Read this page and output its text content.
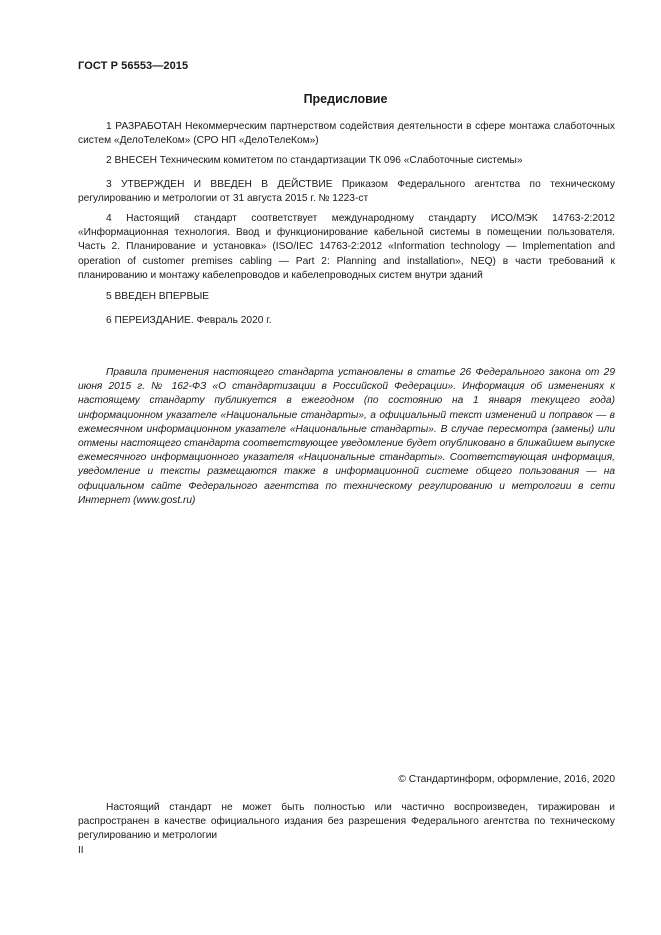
ГОСТ Р 56553—2015
Предисловие

1 РАЗРАБОТАН Некоммерческим партнерством содействия деятельности в сфере монтажа слаботочных систем «ДелоТелеКом» (СРО НП «ДелоТелеКом»)

2 ВНЕСЕН Техническим комитетом по стандартизации ТК 096 «Слаботочные системы»

3 УТВЕРЖДЕН И ВВЕДЕН В ДЕЙСТВИЕ Приказом Федерального агентства по техническому регулированию и метрологии от 31 августа 2015 г. № 1223-ст

4 Настоящий стандарт соответствует международному стандарту ИСО/МЭК 14763-2:2012 «Информационная технология. Ввод и функционирование кабельной системы в помещении пользователя. Часть 2. Планирование и установка» (ISO/IEC 14763-2:2012 «Information technology — Implementation and operation of customer premises cabling — Part 2: Planning and installation», NEQ) в части требований к планированию и монтажу кабелепроводов и кабелепроводных систем внутри зданий

5 ВВЕДЕН ВПЕРВЫЕ

6 ПЕРЕИЗДАНИЕ. Февраль 2020 г.

Правила применения настоящего стандарта установлены в статье 26 Федерального закона от 29 июня 2015 г. № 162-ФЗ «О стандартизации в Российской Федерации». Информация об изменениях к настоящему стандарту публикуется в ежегодном (по состоянию на 1 января текущего года) информационном указателе «Национальные стандарты», а официальный текст изменений и поправок — в ежемесячном информационном указателе «Национальные стандарты». В случае пересмотра (замены) или отмены настоящего стандарта соответствующее уведомление будет опубликовано в ближайшем выпуске ежемесячного информационного указателя «Национальные стандарты». Соответствующая информация, уведомление и тексты размещаются также в информационной системе общего пользования — на официальном сайте Федерального агентства по техническому регулированию и метрологии в сети Интернет (www.gost.ru)

© Стандартинформ, оформление, 2016, 2020

Настоящий стандарт не может быть полностью или частично воспроизведен, тиражирован и распространен в качестве официального издания без разрешения Федерального агентства по техническому регулированию и метрологии

II
